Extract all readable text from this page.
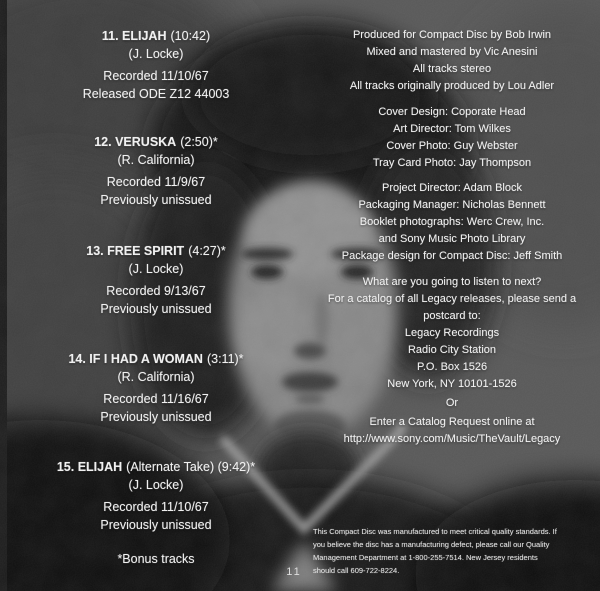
11. ELIJAH (10:42)
(J. Locke)
Recorded 11/10/67
Released ODE Z12 44003
12. VERUSKA (2:50)*
(R. California)
Recorded 11/9/67
Previously unissued
13. FREE SPIRIT (4:27)*
(J. Locke)
Recorded 9/13/67
Previously unissued
14. IF I HAD A WOMAN (3:11)*
(R. California)
Recorded 11/16/67
Previously unissued
15. ELIJAH (Alternate Take) (9:42)*
(J. Locke)
Recorded 11/10/67
Previously unissued
*Bonus tracks
Produced for Compact Disc by Bob Irwin
Mixed and mastered by Vic Anesini
All tracks stereo
All tracks originally produced by Lou Adler
Cover Design: Coporate Head
Art Director: Tom Wilkes
Cover Photo: Guy Webster
Tray Card Photo: Jay Thompson
Project Director: Adam Block
Packaging Manager: Nicholas Bennett
Booklet photographs: Werc Crew, Inc.
and Sony Music Photo Library
Package design for Compact Disc: Jeff Smith
What are you going to listen to next?
For a catalog of all Legacy releases, please send a
postcard to:
Legacy Recordings
Radio City Station
P.O. Box 1526
New York, NY 10101-1526
Or
Enter a Catalog Request online at
http://www.sony.com/Music/TheVault/Legacy
This Compact Disc was manufactured to meet critical quality standards. If
you believe the disc has a manufacturing defect, please call our Quality
Management Department at 1-800-255-7514. New Jersey residents
should call 609-722-8224.
11
